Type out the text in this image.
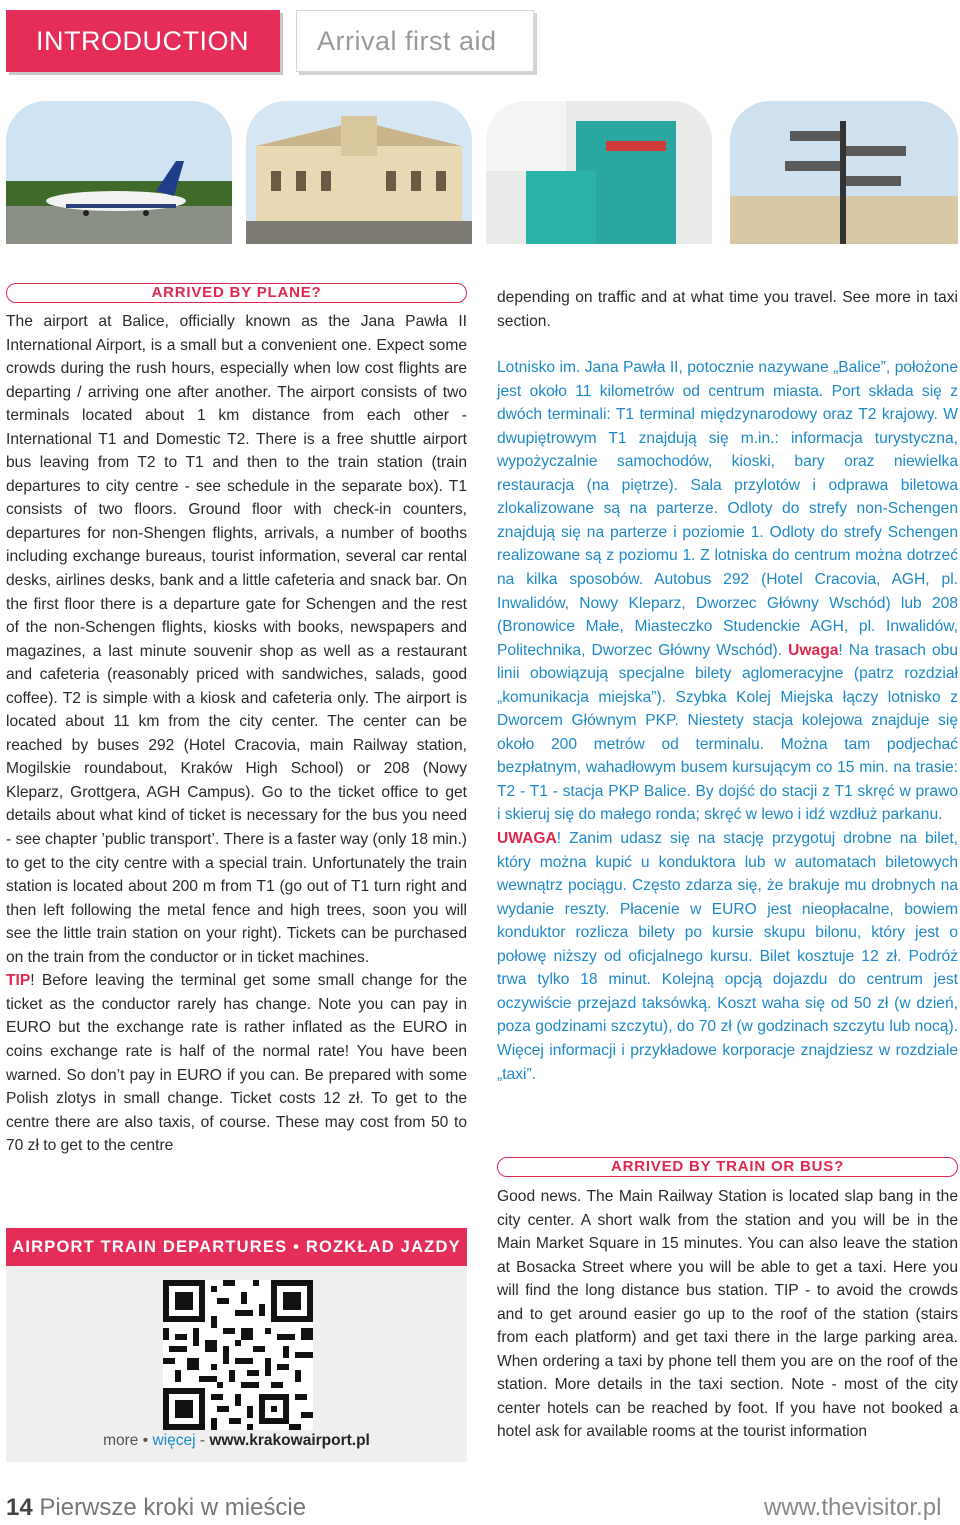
INTRODUCTION	Arrival first aid
ARRIVED BY PLANE?

The airport at Balice, officially known as the Jana Pawła II International Airport, is a small but a convenient one. Expect some crowds during the rush hours, especially when low cost flights are departing / arriving one after another. The airport consists of two terminals located about 1 km distance from each other - International T1 and Domestic T2. There is a free shuttle airport bus leaving from T2 to T1 and then to the train station (train departures to city centre - see schedule in the separate box). T1 consists of two floors. Ground floor with check-in counters, departures for non-Shengen flights, arrivals, a number of booths including exchange bureaus, tourist information, several car rental desks, airlines desks, bank and a little cafeteria and snack bar. On the first floor there is a departure gate for Schengen and the rest of the non-Schengen flights, kiosks with books, newspapers and magazines, a last minute souvenir shop as well as a restaurant and cafeteria (reasonably priced with sandwiches, salads, good coffee). T2 is simple with a kiosk and cafeteria only. The airport is located about 11 km from the city center. The center can be reached by buses 292 (Hotel Cracovia, main Railway station, Mogilskie roundabout, Kraków High School) or 208 (Nowy Kleparz, Grottgera, AGH Campus). Go to the ticket office to get details about what kind of ticket is necessary for the bus you need - see chapter ’public transport’. There is a faster way (only 18 min.) to get to the city centre with a special train. Unfortunately the train station is located about 200 m from T1 (go out of T1 turn right and then left following the metal fence and high trees, soon you will see the little train station on your right). Tickets can be purchased on the train from the conductor or in ticket machines.

TIP! Before leaving the terminal get some small change for the ticket as the conductor rarely has change. Note you can pay in EURO but the exchange rate is rather inflated as the EURO in coins exchange rate is half of the normal rate! You have been warned. So don’t pay in EURO if you can. Be prepared with some Polish zlotys in small change. Ticket costs 12 zł. To get to the centre there are also taxis, of course. These may cost from 50 to 70 zł to get to the centre

AIRPORT TRAIN DEPARTURES • ROZKŁAD JAZDY
more • więcej - www.krakowairport.pl

depending on traffic and at what time you travel. See more in taxi section.

Lotnisko im. Jana Pawła II, potocznie nazywane „Balice”, położone jest około 11 kilometrów od centrum miasta. Port składa się z dwóch terminali: T1 terminal międzynarodowy oraz T2 krajowy. W dwupiętrowym T1 znajdują się m.in.: informacja turystyczna, wypożyczalnie samochodów, kioski, bary oraz niewielka restauracja (na piętrze). Sala przylotów i odprawa biletowa zlokalizowane są na parterze. Odloty do strefy non-Schengen znajdują się na parterze i poziomie 1. Odloty do strefy Schengen realizowane są z poziomu 1. Z lotniska do centrum można dotrzeć na kilka sposobów. Autobus 292 (Hotel Cracovia, AGH, pl. Inwalidów, Nowy Kleparz, Dworzec Główny Wschód) lub 208 (Bronowice Małe, Miasteczko Studenckie AGH, pl. Inwalidów, Politechnika, Dworzec Główny Wschód). Uwaga! Na trasach obu linii obowiązują specjalne bilety aglomeracyjne (patrz rozdział „komunikacja miejska”). Szybka Kolej Miejska łączy lotnisko z Dworcem Głównym PKP. Niestety stacja kolejowa znajduje się około 200 metrów od terminalu. Można tam podjechać bezpłatnym, wahadłowym busem kursującym co 15 min. na trasie: T2 - T1 - stacja PKP Balice. By dojść do stacji z T1 skręć w prawo i skieruj się do małego ronda; skręć w lewo i idź wzdłuż parkanu.

UWAGA! Zanim udasz się na stację przygotuj drobne na bilet, który można kupić u konduktora lub w automatach biletowych wewnątrz pociągu. Często zdarza się, że brakuje mu drobnych na wydanie reszty. Płacenie w EURO jest nieopłacalne, bowiem konduktor rozlicza bilety po kursie skupu bilonu, który jest o połowę niższy od oficjalnego kursu. Bilet kosztuje 12 zł. Podróż trwa tylko 18 minut. Kolejną opcją dojazdu do centrum jest oczywiście przejazd taksówką. Koszt waha się od 50 zł (w dzień, poza godzinami szczytu), do 70 zł (w godzinach szczytu lub nocą). Więcej informacji i przykładowe korporacje znajdziesz w rozdziale „taxi”.

ARRIVED BY TRAIN OR BUS?

Good news. The Main Railway Station is located slap bang in the city center. A short walk from the station and you will be in the Main Market Square in 15 minutes. You can also leave the station at Bosacka Street where you will be able to get a taxi. Here you will find the long distance bus station. TIP - to avoid the crowds and to get around easier go up to the roof of the station (stairs from each platform) and get taxi there in the large parking area. When ordering a taxi by phone tell them you are on the roof of the station. More details in the taxi section. Note - most of the city center hotels can be reached by foot. If you have not booked a hotel ask for available rooms at the tourist information

14 Pierwsze kroki w mieście	www.thevisitor.pl
